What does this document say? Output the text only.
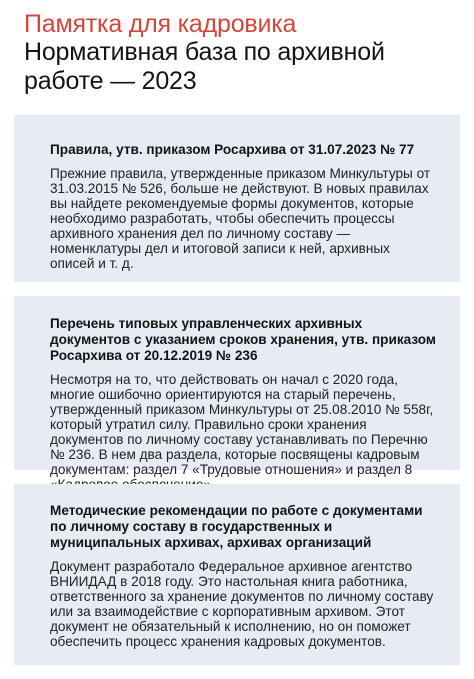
Памятка для кадровика

Нормативная база по архивной работе — 2023

Правила, утв. приказом Росархива от 31.07.2023 № 77

Прежние правила, утвержденные приказом Минкультуры от 31.03.2015 № 526, больше не действуют. В новых правилах вы найдете рекомендуемые формы документов, которые необходимо разработать, чтобы обеспечить процессы архивного хранения дел по личному составу — номенклатуры дел и итоговой записи к ней, архивных описей и т. д.

Перечень типовых управленческих архивных документов с указанием сроков хранения, утв. приказом Росархива от 20.12.2019 № 236

Несмотря на то, что действовать он начал с 2020 года, многие ошибочно ориентируются на старый перечень, утвержденный приказом Минкультуры от 25.08.2010 № 558г, который утратил силу. Правильно сроки хранения документов по личному составу устанавливать по Перечню № 236. В нем два раздела, которые посвящены кадровым документам: раздел 7 «Трудовые отношения» и раздел 8

Методические рекомендации по работе с документами по личному составу в государственных и муниципальных архивах, архивах организаций

Документ разработало Федеральное архивное агентство ВНИИДАД в 2018 году. Это настольная книга работника, ответственного за хранение документов по личному составу или за взаимодействие с корпоративным архивом. Этот документ не обязательный к исполнению, но он поможет обеспечить процесс хранения кадровых документов.
